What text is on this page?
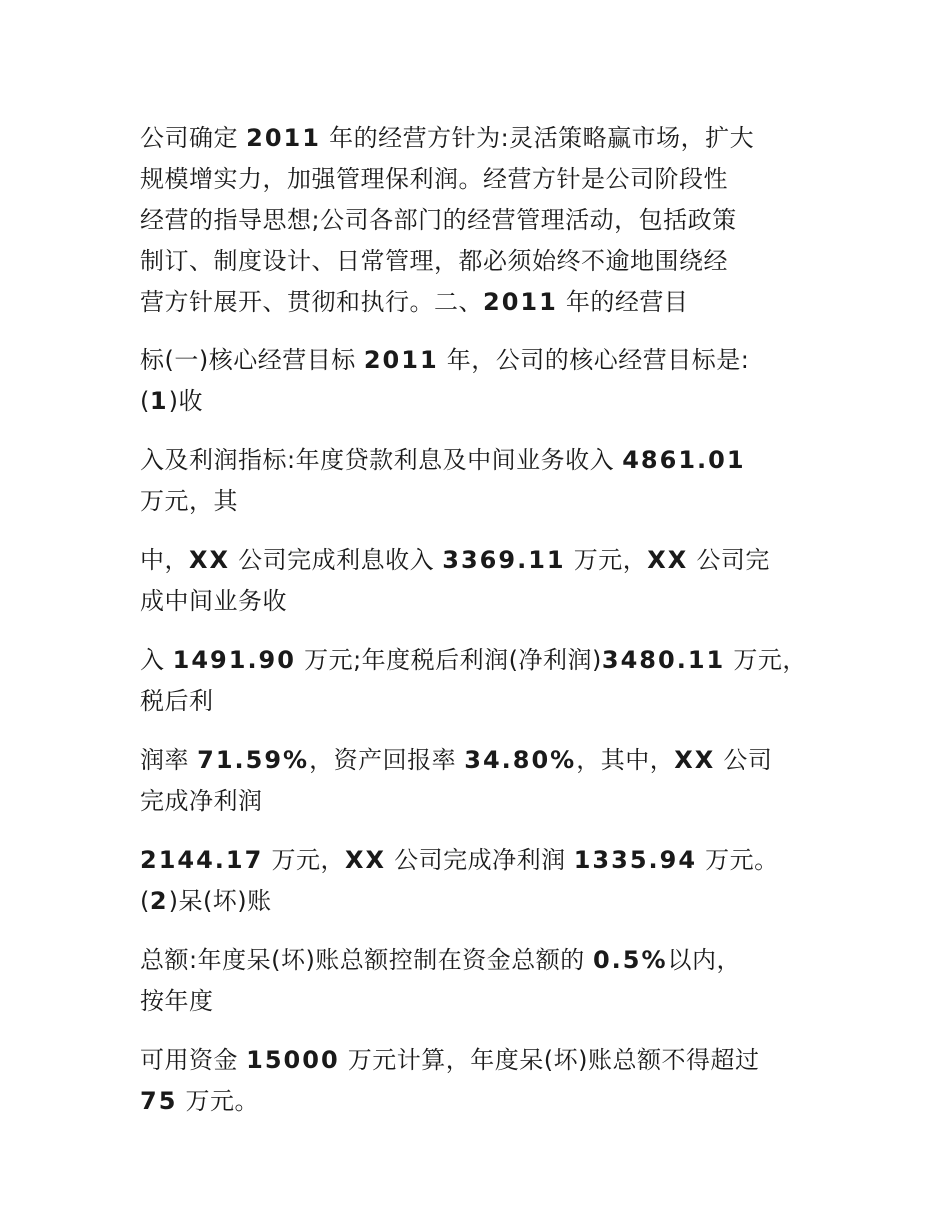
公司确定 2011 年的经营方针为:灵活策略赢市场，扩大
规模增实力，加强管理保利润。经营方针是公司阶段性
经营的指导思想;公司各部门的经营管理活动，包括政策
制订、制度设计、日常管理，都必须始终不逾地围绕经
营方针展开、贯彻和执行。二、2011 年的经营目

标(一)核心经营目标 2011 年，公司的核心经营目标是:
(1)收

入及利润指标:年度贷款利息及中间业务收入 4861.01
万元，其

中，XX 公司完成利息收入 3369.11 万元，XX 公司完
成中间业务收

入 1491.90 万元;年度税后利润(净利润)3480.11 万元，
税后利

润率 71.59%，资产回报率 34.80%，其中，XX 公司
完成净利润

2144.17 万元，XX 公司完成净利润 1335.94 万元。
(2)呆(坏)账

总额:年度呆(坏)账总额控制在资金总额的 0.5%以内，
按年度

可用资金 15000 万元计算，年度呆(坏)账总额不得超过
75 万元。
